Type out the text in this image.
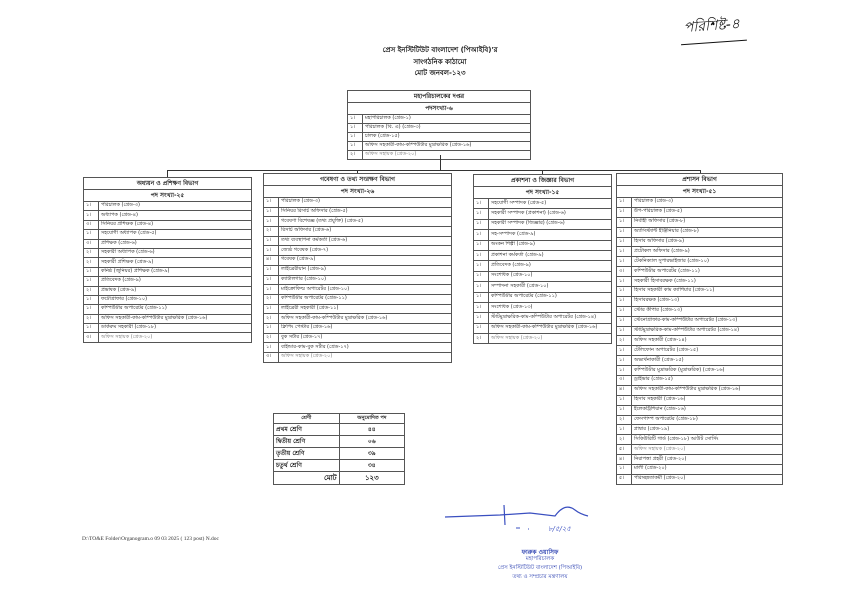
পরিশিষ্ট-৪
প্রেস ইনস্টিটিউট বাংলাদেশ (পিআইবি)'র
সাংগঠনিক কাঠামো
মোট জনবল-১২৩
মহাপরিচালকের দপ্তর	
পদসংখ্যা-৬	
১।	মহাপরিচালক (গ্রেড-১)
১।	পরিচালক (বি. এ) (গ্রেড-৩)
১।	চালক (গ্রেড-১৫)
১।	অফিস সহকারী-কাম-কম্পিউটার মুদ্রাক্ষরিক (গ্রেড-১৬)
২।	অফিস সহায়ক (গ্রেড-২০)
অধ্যয়ন ও প্রশিক্ষণ বিভাগ	
পদ সংখ্যা-২৫	
১।	পরিচালক (গ্রেড-৩)
১।	অধ্যাপক (গ্রেড-৪)
৩।	সিনিয়র প্রশিক্ষক (গ্রেড-৪)
১।	সহযোগী অধ্যাপক (গ্রেড-৫)
৩।	প্রশিক্ষক (গ্রেড-৬)
২।	সহকারী অধ্যাপক (গ্রেড-৬)
২।	সহকারী প্রশিক্ষক (গ্রেড-৯)
১।	কনিষ্ঠ (জুনিয়র) প্রশিক্ষক (গ্রেড-৯)
১।	প্রতিবেদক (গ্রেড-৯)
২।	প্রভাষক (গ্রেড-৯)
১।	ফটোগ্রাফার (গ্রেড-১০)
১।	কম্পিউটার অপারেটর (গ্রেড-১১)
২।	অফিস সহকারী-কাম-কম্পিউটার মুদ্রাক্ষরিক (গ্রেড-১৬)
১।	ডার্করুম সহকারী (গ্রেড-১৮)
৩।	অফিস সহায়ক (গ্রেড-২০)
গবেষণা ও তথ্য সংরক্ষণ বিভাগ	
পদ সংখ্যা-২৬	
১।	পরিচালক (গ্রেড-৩)
১।	সিনিয়র রিসার্চ অফিসার (গ্রেড-৫)
১।	গবেষণা বিশেষজ্ঞ (তথ্য প্রযুক্তি) (গ্রেড-৫)
২।	রিসার্চ অফিসার (গ্রেড-৬)
১।	তথ্য ব্যবস্থাপনা কর্মকর্তা (গ্রেড-৬)
১।	জ্যেষ্ঠ গবেষক (গ্রেড-৭)
৪।	গবেষক (গ্রেড-৯)
১।	লাইব্রেরীয়ান (গ্রেড-৯)
১।	ক্যাটালগার (গ্রেড-১০)
১।	মাইক্রোফিল্ম অপারেটর (গ্রেড-১০)
২।	কম্পিউটার অপারেটর (গ্রেড-১১)
১।	লাইব্রেরী সহকারী (গ্রেড-১১)
২।	অফিস সহকারী-কাম-কম্পিউটার মুদ্রাক্ষরিক (গ্রেড-১৬)
১।	ক্লিপিং পেস্টার (গ্রেড-১৬)
২।	বুক সর্টার (গ্রেড-১৭)
১।	বাইন্ডার-কাম-বুক সর্টার (গ্রেড-১৭)
৩।	অফিস সহায়ক (গ্রেড-২০)
প্রকাশনা ও জিজ্ঞার বিভাগ	
পদ সংখ্যা-১৫	
১।	সহযোগী সম্পাদক (গ্রেড-৫)
১।	সহকারী সম্পাদক (প্রকাশনা) (গ্রেড-৬)
১।	সহকারী সম্পাদক (জিজ্ঞার) (গ্রেড-৬)
১।	সহ-সম্পাদক (গ্রেড-৯)
১।	অংকন শিল্পী (গ্রেড-৯)
১।	প্রকাশনা কর্মকর্তা (গ্রেড-৯)
১।	প্রতিবেদক (গ্রেড-৯)
১।	সংশোধক (গ্রেড-১০)
১।	সম্পাদনা সহকারী (গ্রেড-১০)
১।	কম্পিউটার অপারেটর (গ্রেড-১১)
১।	সংশোধক (গ্রেড-১৩)
১।	স্টাটমুদ্রাক্ষরিক-কাম-কম্পিউটার অপারেটর (গ্রেড-১৪)
১।	অফিস সহকারী-কাম-কম্পিউটার মুদ্রাক্ষরিক (গ্রেড-১৬)
২।	অফিস সহায়ক (গ্রেড-২০)
প্রশাসন বিভাগ	
পদ সংখ্যা-৫১	
১।	পরিচালক (গ্রেড-৩)
১।	উপ-পরিচালক (গ্রেড-৫)
১।	নির্বাহী অফিসার (গ্রেড-৮)
১।	অ্যাসিস্ট্যান্ট ইঞ্জিনিয়ার (গ্রেড-৮)
১।	হিসাব অফিসার (গ্রেড-৯)
১।	প্রটোকল অফিসার (গ্রেড-৯)
১।	টেকনিক্যাল সুপারভাইজার (গ্রেড-১০)
৩।	কম্পিউটার অপারেটর (গ্রেড-১১)
১।	সহকারী হিসাবরক্ষক (গ্রেড-১১)
১।	হিসাব সহকারী কাম ক্যাশিয়ার (গ্রেড-১১)
১।	হিসাবরক্ষক (গ্রেড-১৩)
১।	স্টোর কীপার (গ্রেড-১৩)
১।	স্টেনোগ্রাফার-কাম-কম্পিউটার অপারেটর (গ্রেড-১৩)
১।	স্টাটমুদ্রাক্ষরিক-কাম-কম্পিউটার অপারেটর (গ্রেড-১৪)
২।	অফিস সহকারী (গ্রেড-১৪)
১।	টেলিফোন অপারেটর (গ্রেড-১৫)
১।	অভ্যর্থনাকারী (গ্রেড-১৫)
১।	কম্পিউটার মুদ্রাক্ষরিক (মুদ্রাক্ষরিক) (গ্রেড-১৬)
৩।	ড্রাইভার (গ্রেড-১৫)
৪।	অফিস সহকারী-কাম-কম্পিউটার মুদ্রাক্ষরিক (গ্রেড-১৬)
১।	হিসাব সহকারী (গ্রেড-১৬)
১।	ইলেকট্রিশিয়ান (গ্রেড-১৬)
২।	ফেসপাম্প অপারেটর (গ্রেড-১৮)
১।	প্লাম্বার (গ্রেড-১৯)
২।	সিকিউরিটি গার্ড (গ্রেড-১৮) আউট সোর্সিং
৫।	অফিস সহায়ক (গ্রেড-২০)
৪।	নিরাপত্তা প্রহরী (গ্রেড-২০)
১।	মালী (গ্রেড-২০)
৫।	পরিচ্ছন্নতাকর্মী (গ্রেড-২০)
শ্রেণী	অনুমোদিত পদ
প্রথম শ্রেণি	৪৪
দ্বিতীয় শ্রেণি	০৬
তৃতীয় শ্রেণি	৩৯
চতুর্থ শ্রেণি	৩৪
মোট	১২৩
D:\TO&E Folder\Organogram.o 09 03 2025 ( 123 post) N.doc
৮/৫/২৫
ফারুক ওয়াসিফ
মহাপরিচালক
প্রেস ইনস্টিটিউট বাংলাদেশ (পিআইবি)
তথ্য ও সম্প্রচার মন্ত্রণালয়
